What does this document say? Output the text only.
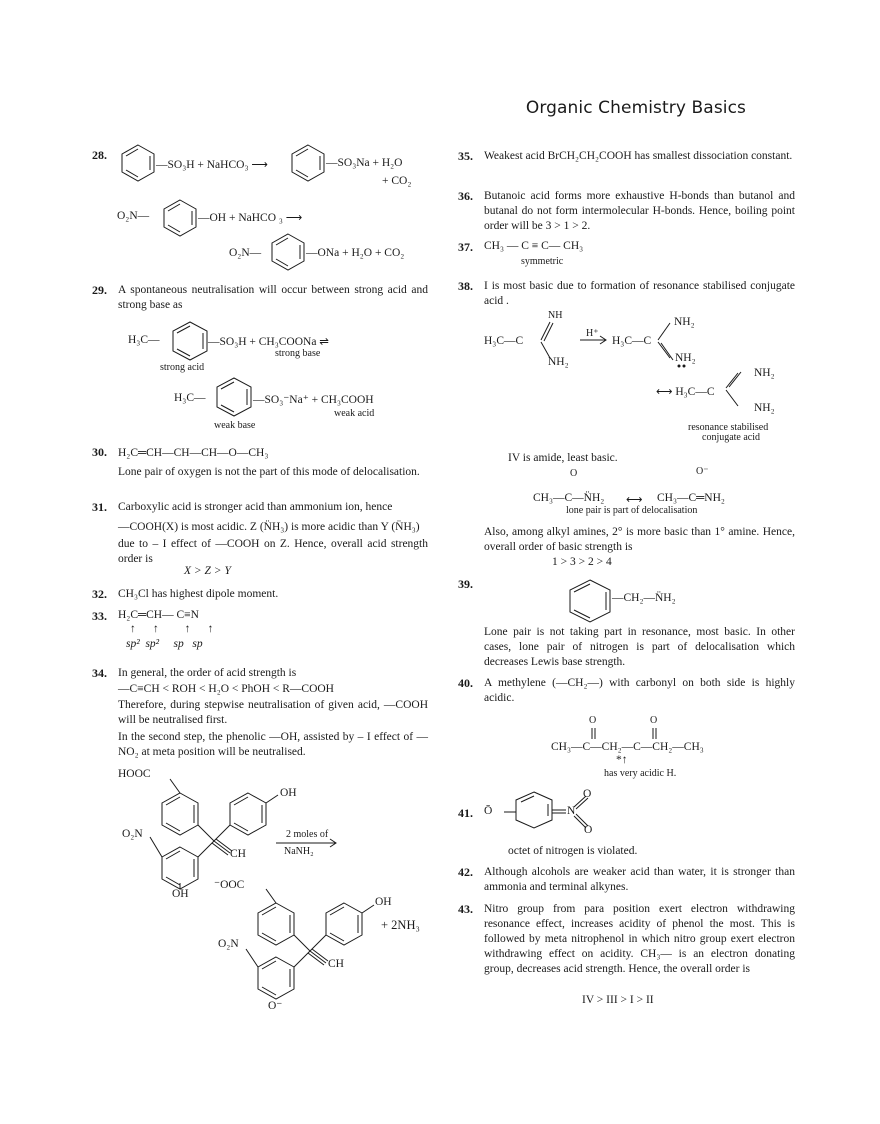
Organic Chemistry Basics
28.
—SO₃H + NaHCO₃ ⟶	—SO₃Na + H₂O
+ CO₂
O₂N—	—OH + NaHCO ₃ ⟶
O₂N—	—ONa + H₂O + CO₂
29. A spontaneous neutralisation will occur between strong acid and strong base as
H₃C—	—SO₃H + CH₃COONa ⇌
strong acid
strong base
H₃C—	—SO₃⁻Na⁺ + CH₃COOH
weak base
weak acid
30. H₂C═CH—CH—CH—O—CH₃
Lone pair of oxygen is not the part of this mode of delocalisation.
31. Carboxylic acid is stronger acid than ammonium ion, hence
—COOH(X) is most acidic. Z (N̈H₃) is more acidic than Y (N̈H₃)
due to – I effect of —COOH on Z. Hence, overall acid strength order is
X > Z > Y
32. CH₃Cl has highest dipole moment.
33. H₂C═CH— C≡N
↑      ↑         ↑      ↑
sp² sp² sp sp
34. In general, the order of acid strength is
—C≡CH < ROH < H₂O < PhOH < R—COOH
Therefore, during stepwise neutralisation of given acid, —COOH will be neutralised first.
In the second step, the phenolic —OH, assisted by – I effect of —NO₂ at meta position will be neutralised.
HOOC
OH
O₂N
CH
OH
2 moles of
NaNH₂
⁻OOC
OH
O₂N
CH
O⁻
+ 2NH₃
35. Weakest acid BrCH₂CH₂COOH has smallest dissociation constant.
36. Butanoic acid forms more exhaustive H-bonds than butanol and butanal do not form intermolecular H-bonds. Hence, boiling point order will be 3 > 1 > 2.
37. CH₃ — C ≡ C— CH₃
symmetric
38. I is most basic due to formation of resonance stabilised conjugate acid .
NH
H₃C—C
NH₂
H⁺
NH₂
H₃C—C
NH₂
⟷ H₃C—C
NH₂
NH₂
resonance stabilised
conjugate acid
IV is amide, least basic.
O	O⁻
CH₃—C—N̈H₂ ⟷ CH₃—C═NH₂
lone pair is part of delocalisation
Also, among alkyl amines, 2° is more basic than 1° amine. Hence, overall order of basic strength is
1 > 3 > 2 > 4
39.
—CH₂—N̈H₂
Lone pair is not taking part in resonance, most basic. In other cases, lone pair of nitrogen is part of delocalisation which decreases Lewis base strength.
40. A methylene (—CH₂—) with carbonyl on both side is highly acidic.
O	O
CH₃—C—CH₂—C—CH₂—CH₃
*↑
has very acidic H.
41. Ō	N
O
O
octet of nitrogen is violated.
42. Although alcohols are weaker acid than water, it is stronger than ammonia and terminal alkynes.
43. Nitro group from para position exert electron withdrawing resonance effect, increases acidity of phenol the most. This is followed by meta nitrophenol in which nitro group exert electron withdrawing effect on acidity. CH₃— is an electron donating group, decreases acid strength. Hence, the overall order is
IV > III > I > II
